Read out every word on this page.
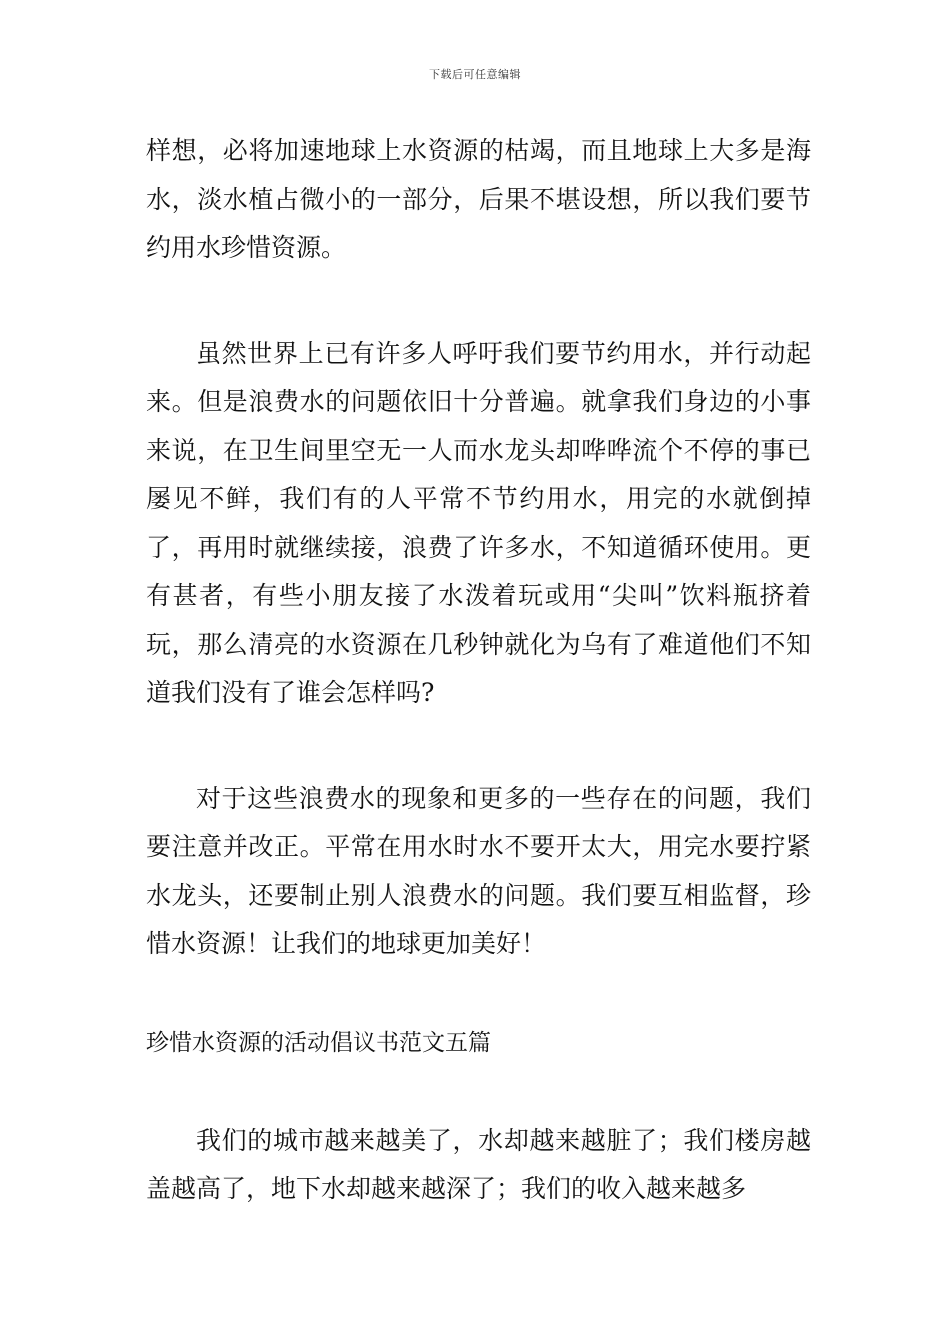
下载后可任意编辑

样想，必将加速地球上水资源的枯竭，而且地球上大多是海水，淡水植占微小的一部分，后果不堪设想，所以我们要节约用水珍惜资源。

虽然世界上已有许多人呼吁我们要节约用水，并行动起来。但是浪费水的问题依旧十分普遍。就拿我们身边的小事来说，在卫生间里空无一人而水龙头却哗哗流个不停的事已屡见不鲜，我们有的人平常不节约用水，用完的水就倒掉了，再用时就继续接，浪费了许多水，不知道循环使用。更有甚者，有些小朋友接了水泼着玩或用“尖叫”饮料瓶挤着玩，那么清亮的水资源在几秒钟就化为乌有了难道他们不知道我们没有了谁会怎样吗?

对于这些浪费水的现象和更多的一些存在的问题，我们要注意并改正。平常在用水时水不要开太大，用完水要拧紧水龙头，还要制止别人浪费水的问题。我们要互相监督，珍惜水资源！让我们的地球更加美好！

珍惜水资源的活动倡议书范文五篇

我们的城市越来越美了，水却越来越脏了；我们楼房越盖越高了，地下水却越来越深了；我们的收入越来越多
